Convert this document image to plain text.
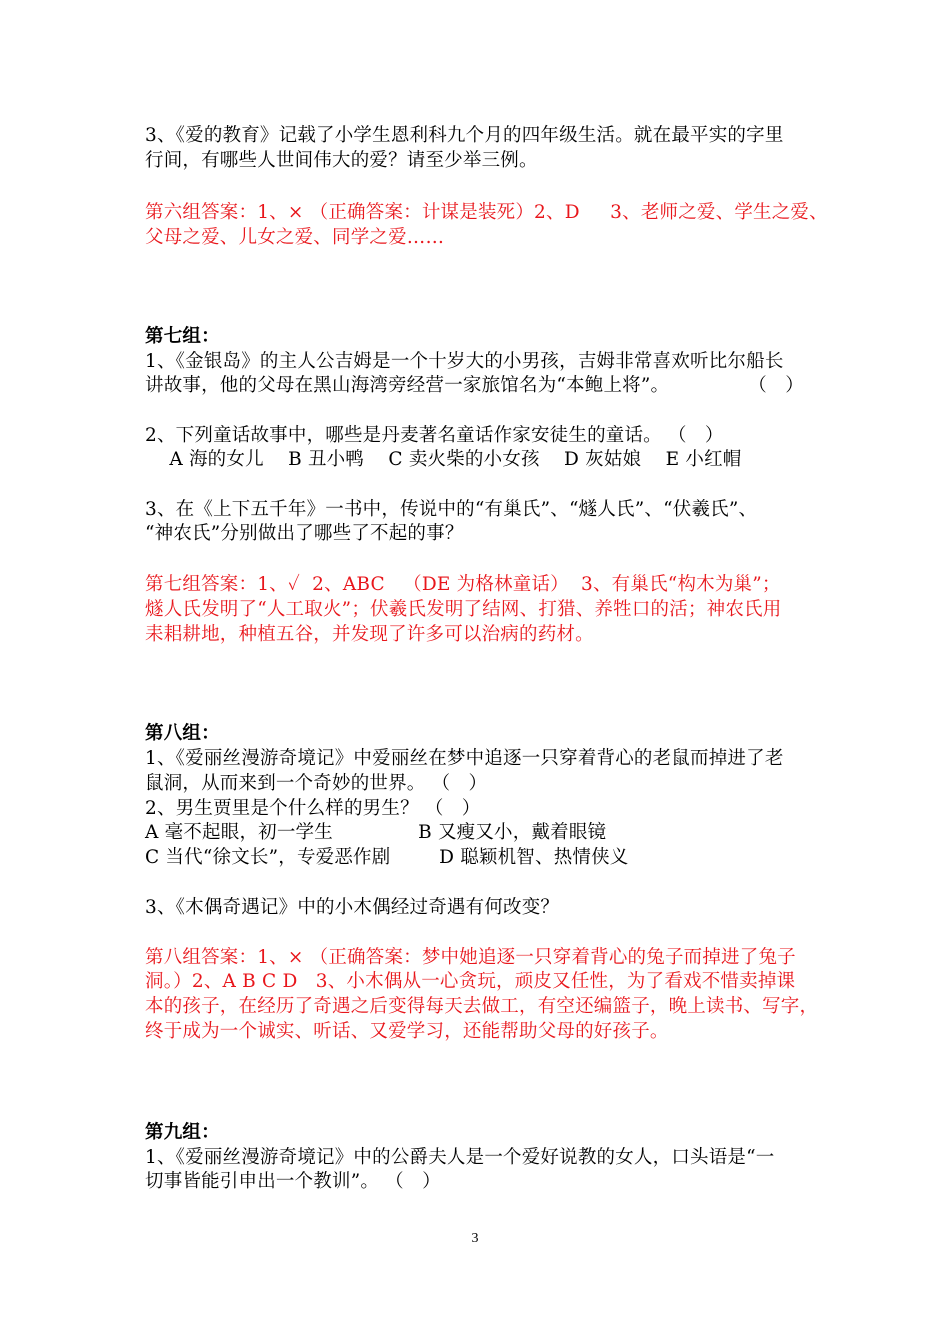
3、《爱的教育》记载了小学生恩利科九个月的四年级生活。就在最平实的字里
行间，有哪些人世间伟大的爱？请至少举三例。
第六组答案：1、× （正确答案：计谋是装死）2、D     3、老师之爱、学生之爱、
父母之爱、儿女之爱、同学之爱……
第七组：
1、《金银岛》的主人公吉姆是一个十岁大的小男孩，吉姆非常喜欢听比尔船长
讲故事，他的父母在黑山海湾旁经营一家旅馆名为“本鲍上将”。             （   ）
2、下列童话故事中，哪些是丹麦著名童话作家安徒生的童话。 （   ）
A 海的女儿    B 丑小鸭    C 卖火柴的小女孩    D 灰姑娘    E 小红帽
3、在《上下五千年》一书中，传说中的“有巢氏”、“燧人氏”、“伏羲氏”、
“神农氏”分别做出了哪些了不起的事？
第七组答案：1、✓  2、ABC   （DE 为格林童话）  3、有巢氏“构木为巢”；
燧人氏发明了“人工取火”；伏羲氏发明了结网、打猎、养牲口的活；神农氏用
耒耜耕地，种植五谷，并发现了许多可以治病的药材。
第八组：
1、《爱丽丝漫游奇境记》中爱丽丝在梦中追逐一只穿着背心的老鼠而掉进了老
鼠洞，从而来到一个奇妙的世界。 （   ）
2、男生贾里是个什么样的男生？ （   ）
A 毫不起眼，初一学生              B 又瘦又小，戴着眼镜
C 当代“徐文长”，专爱恶作剧        D 聪颖机智、热情侠义
3、《木偶奇遇记》中的小木偶经过奇遇有何改变？
第八组答案：1、× （正确答案：梦中她追逐一只穿着背心的兔子而掉进了兔子
洞。）2、A B C D   3、小木偶从一心贪玩，顽皮又任性，为了看戏不惜卖掉课
本的孩子，在经历了奇遇之后变得每天去做工，有空还编篮子，晚上读书、写字，
终于成为一个诚实、听话、又爱学习，还能帮助父母的好孩子。
第九组：
1、《爱丽丝漫游奇境记》中的公爵夫人是一个爱好说教的女人，口头语是“一
切事皆能引申出一个教训”。 （   ）
3
